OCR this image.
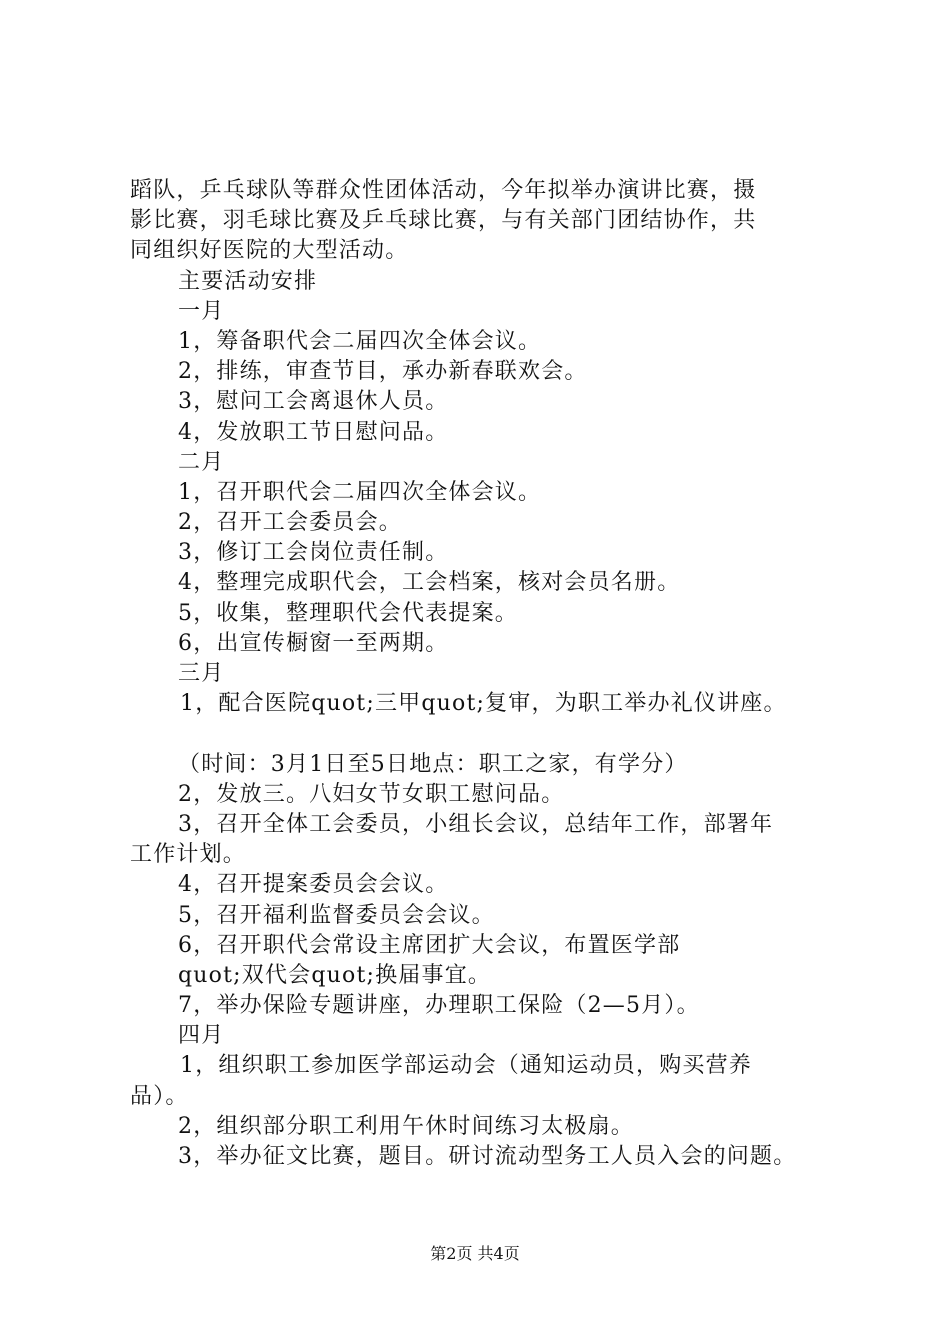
蹈队，乒乓球队等群众性团体活动，今年拟举办演讲比赛，摄
影比赛，羽毛球比赛及乒乓球比赛，与有关部门团结协作，共
同组织好医院的大型活动。
主要活动安排
一月
1，筹备职代会二届四次全体会议。
2，排练，审查节目，承办新春联欢会。
3，慰问工会离退休人员。
4，发放职工节日慰问品。
二月
1，召开职代会二届四次全体会议。
2，召开工会委员会。
3，修订工会岗位责任制。
4，整理完成职代会，工会档案，核对会员名册。
5，收集，整理职代会代表提案。
6，出宣传橱窗一至两期。
三月
1，配合医院quot;三甲quot;复审，为职工举办礼仪讲座。
（时间：3月1日至5日地点：职工之家，有学分）
2，发放三。八妇女节女职工慰问品。
3，召开全体工会委员，小组长会议，总结年工作，部署年
工作计划。
4，召开提案委员会会议。
5，召开福利监督委员会会议。
6，召开职代会常设主席团扩大会议，布置医学部
quot;双代会quot;换届事宜。
7，举办保险专题讲座，办理职工保险（2—5月）。
四月
1，组织职工参加医学部运动会（通知运动员，购买营养
品）。
2，组织部分职工利用午休时间练习太极扇。
3，举办征文比赛，题目。研讨流动型务工人员入会的问题。
第2页 共4页
